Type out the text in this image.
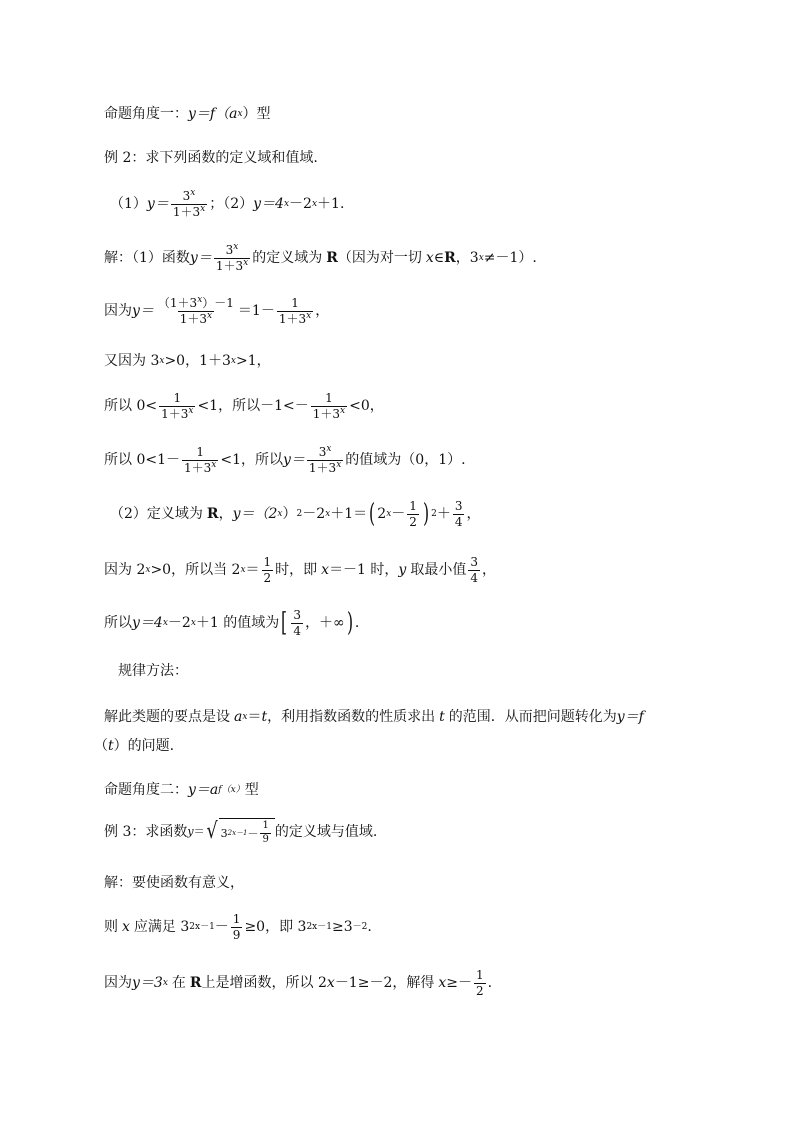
命题角度一： y＝f（a x ）型
例 2：求下列函数的定义域和值域.
（1） $y= \frac{3^x}{1+3^x}$ ；（2） y＝4 x －2 x ＋1.
解：（1）函数 $y= \frac{3^x}{1+3^x}$ 的定义域为 R （因为对一切 x ∈ R ，3 x ≠－1）.
因为 $y= \frac{(1+3^x)-1}{1+3^x} =1- \frac{1}{1+3^x}$ ，
又因为 3 x >0，1＋3 x >1，
所以 $0< \frac{1}{1+3^x} <1$，所以$-1<- \frac{1}{1+3^x} <0$，
所以 $0<1- \frac{1}{1+3^x} <1$，所以 $y= \frac{3^x}{1+3^x}$ 的值域为（0，1）.
（2）定义域为 R ， y＝（2 x ） 2 －2 x ＋1＝ ( 2 $x - \frac{1}{2}$ ) $2 + \frac{3}{4}$ ，
因为 2 x >0，所以当 2 $x = \frac{1}{2}$ 时，即 x ＝－1 时， y 取最小值 $\frac{3}{4}$ ，
所以 y＝4 x －2 x ＋1 的值域为 [ $\frac{3}{4}$ ，＋∞ ) .
规律方法：
解此类题的要点是设 a x ＝ t ，利用指数函数的性质求出 t 的范围．从而把问题转化为 y＝f
（ t ）的问题.
命题角度二： y＝a f（x） 型
例 3：求函数 y ＝ √ 3 $2x-1 - \frac{1}{9}$ 的定义域与值域.
解：要使函数有意义，
则 x 应满足 3 $2x-1 - \frac{1}{9} \ge 0$，即 3 2x－1 ≥3 －2 .
因为 y＝3 x 在 R 上是增函数，所以 2 x －1≥－2，解得 $x \ge- \frac{1}{2}$ .
